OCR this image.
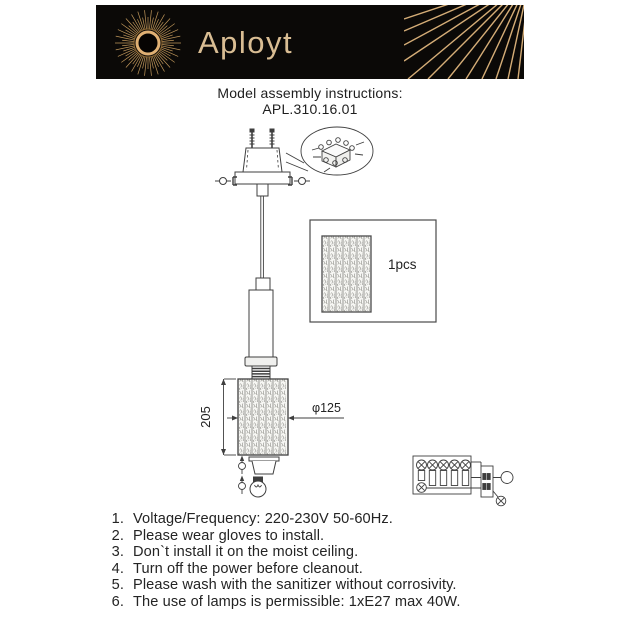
Aployt
Model assembly instructions:
APL.310.16.01
205	φ125
1pcs
1. Voltage/Frequency: 220-230V 50-60Hz.
2. Please wear gloves to install.
3. Don`t install it on the moist ceiling.
4. Turn off the power before cleanout.
5. Please wash with the sanitizer without corrosivity.
6. The use of lamps is permissible: 1xE27 max 40W.
